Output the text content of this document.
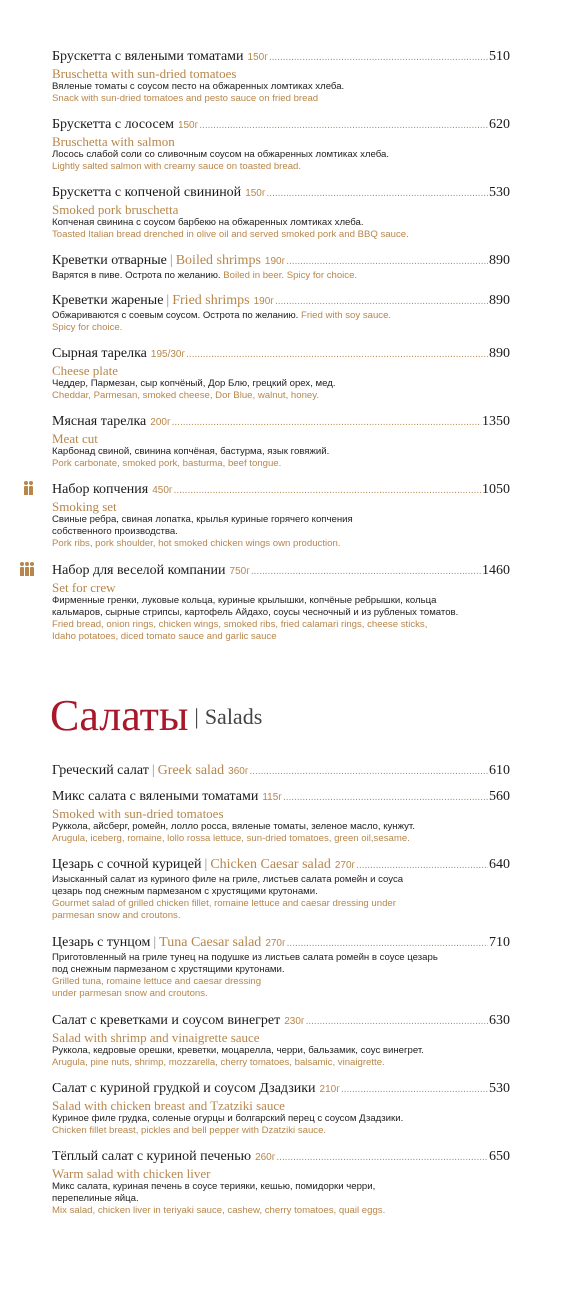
Брускетта с вялеными томатами 150г .....	510
Bruschetta with sun-dried tomatoes
Вяленые томаты с соусом песто на обжаренных ломтиках хлеба.
Snack with sun-dried tomatoes and pesto sauce on fried bread
Брускетта с лососем 150г .....	620
Bruschetta with salmon
Лосось слабой соли со сливочным соусом на обжаренных ломтиках хлеба.
Lightly salted salmon with creamy sauce on toasted bread.
Брускетта с копченой свининой 150г .....	530
Smoked pork bruschetta
Копченая свинина с соусом барбекю на обжаренных ломтиках хлеба.
Toasted Italian bread drenched in olive oil and served smoked pork and BBQ sauce.
Креветки отварные | Boiled shrimps 190г .....	890
Варятся в пиве. Острота по желанию. Boiled in beer. Spicy for choice.
Креветки жареные | Fried shrimps 190г .....	890
Обжариваются с соевым соусом. Острота по желанию. Fried with soy sauce.
Spicy for choice.
Сырная тарелка 195/30г .....	890
Cheese plate
Чеддер, Пармезан, сыр копчёный, Дор Блю, грецкий орех, мед.
Cheddar, Parmesan, smoked cheese, Dor Blue, walnut, honey.
Мясная тарелка 200г .....	1350
Meat cut
Карбонад свиной, свинина копчёная, бастурма, язык говяжий.
Pork carbonate, smoked pork, basturma, beef tongue.
Набор копчения 450г .....	1050
Smoking set
Свиные ребра, свиная лопатка, крылья куриные горячего копчения
собственного производства.
Pork ribs, pork shoulder, hot smoked chicken wings own production.
Набор для веселой компании 750г .....	1460
Set for crew
Фирменные гренки, луковые кольца, куриные крылышки, копчёные ребрышки, кольца
кальмаров, сырные стрипсы, картофель Айдахо, соусы чесночный и из рубленых томатов.
Fried bread, onion rings, chicken wings, smoked ribs, fried calamari rings, cheese sticks,
Idaho potatoes, diced tomato sauce and garlic sauce
Салаты | Salads
Греческий салат | Greek salad 360г .....	610
Микс салата с вялеными томатами 115г .....	560
Smoked with sun-dried tomatoes
Руккола, айсберг, ромейн, лолло росса, вяленые томаты, зеленое масло, кунжут.
Arugula, iceberg, romaine, lollo rossa lettuce, sun-dried tomatoes, green oil,sesame.
Цезарь с сочной курицей | Chicken Caesar salad 270г .....	640
Изысканный салат из куриного филе на гриле, листьев салата ромейн и соуса
цезарь под снежным пармезаном с хрустящими крутонами.
Gourmet salad of grilled chicken fillet, romaine lettuce and caesar dressing under
parmesan snow and croutons.
Цезарь с тунцом | Tuna Caesar salad 270г .....	710
Приготовленный на гриле тунец на подушке из листьев салата ромейн в соусе цезарь
под снежным пармезаном с хрустящими крутонами.
Grilled tuna, romaine lettuce and caesar dressing
under parmesan snow and croutons.
Салат с креветками и соусом винегрет 230г .....	630
Salad with shrimp and vinaigrette sauce
Руккола, кедровые орешки, креветки, моцарелла, черри, бальзамик, соус винегрет.
Arugula, pine nuts, shrimp, mozzarella, cherry tomatoes, balsamic, vinaigrette.
Салат с куриной грудкой и соусом Дзадзики 210г .....	530
Salad with chicken breast and Tzatziki sauce
Куриное филе грудка, соленые огурцы и болгарский перец с соусом Дзадзики.
Chicken fillet breast, pickles and bell pepper with Dzatziki sauce.
Тёплый салат с куриной печенью 260г .....	650
Warm salad with chicken liver
Микс салата, куриная печень в соусе терияки, кешью, помидорки черри,
перепелиные яйца.
Mix salad, chicken liver in teriyaki sauce, cashew, cherry tomatoes, quail eggs.
